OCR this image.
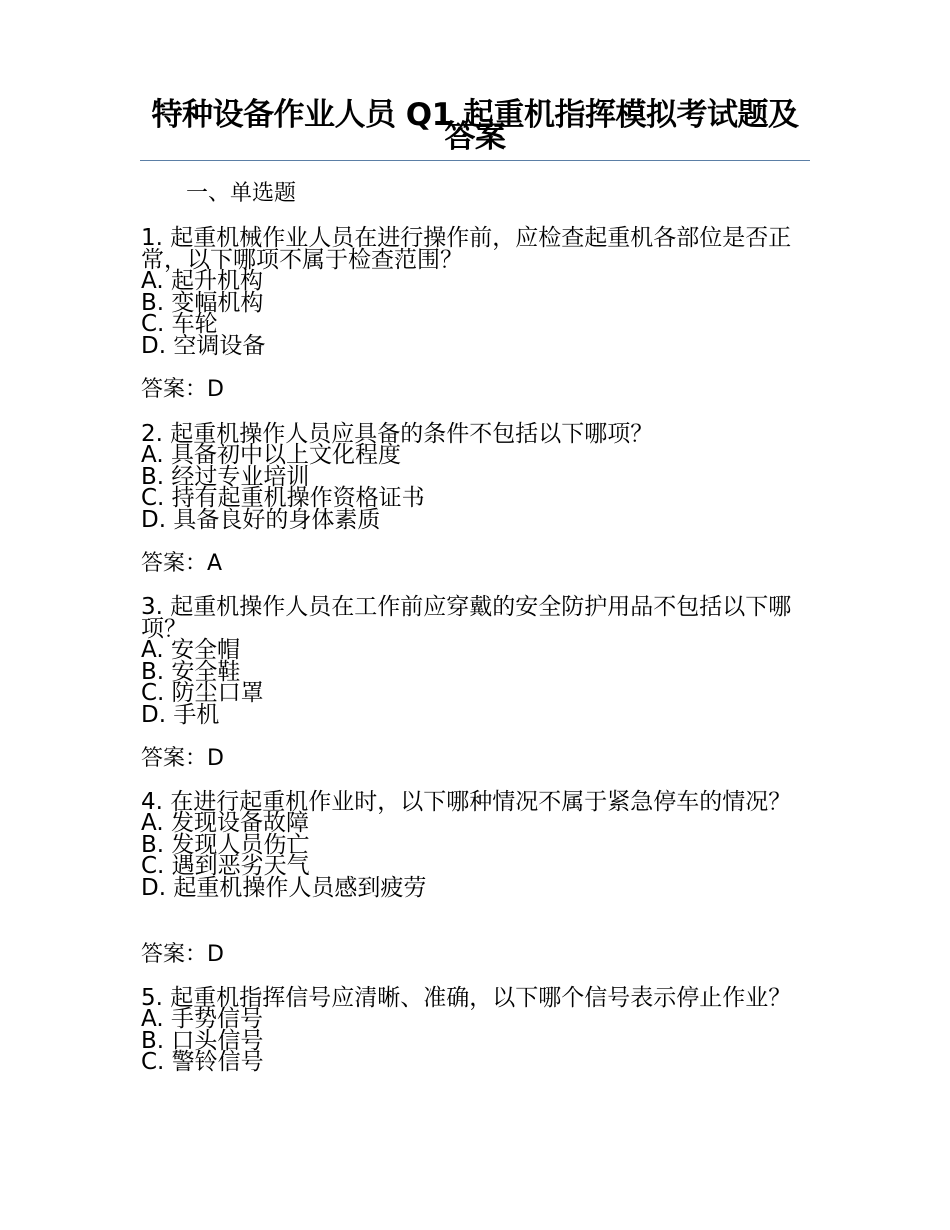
特种设备作业人员 Q1 起重机指挥模拟考试题及答案
一、单选题
1. 起重机械作业人员在进行操作前，应检查起重机各部位是否正常，以下哪项不属于检查范围？
A. 起升机构
B. 变幅机构
C. 车轮
D. 空调设备
答案：D
2. 起重机操作人员应具备的条件不包括以下哪项？
A. 具备初中以上文化程度
B. 经过专业培训
C. 持有起重机操作资格证书
D. 具备良好的身体素质
答案：A
3. 起重机操作人员在工作前应穿戴的安全防护用品不包括以下哪项？
A. 安全帽
B. 安全鞋
C. 防尘口罩
D. 手机
答案：D
4. 在进行起重机作业时，以下哪种情况不属于紧急停车的情况？
A. 发现设备故障
B. 发现人员伤亡
C. 遇到恶劣天气
D. 起重机操作人员感到疲劳
答案：D
5. 起重机指挥信号应清晰、准确，以下哪个信号表示停止作业？
A. 手势信号
B. 口头信号
C. 警铃信号
